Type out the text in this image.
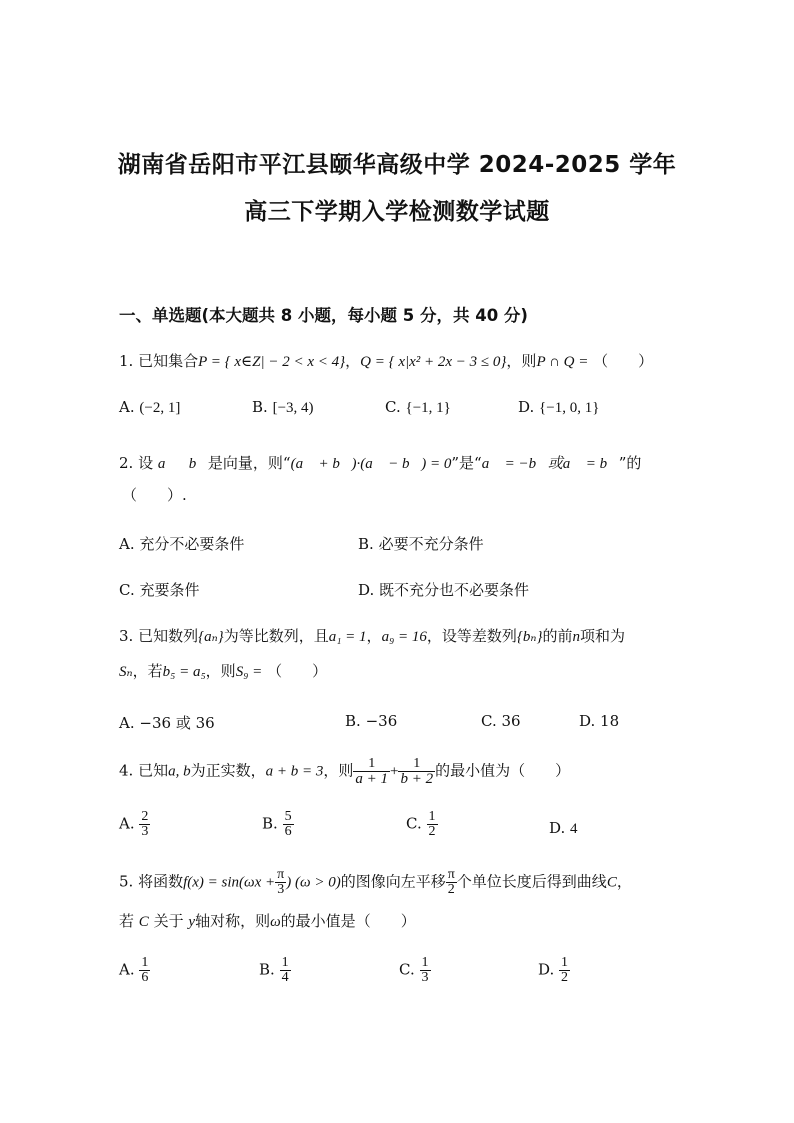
湖南省岳阳市平江县颐华高级中学 2024-2025 学年
高三下学期入学检测数学试题
一、单选题(本大题共 8 小题，每小题 5 分，共 40 分)
1. 已知集合P = { x∈Z| − 2 < x < 4}，Q = { x|x² + 2x − 3 ≤ 0}，则P ∩ Q = （　　）
A. (−2, 1]	B. [−3, 4)	C. {−1, 1}	D. {−1, 0, 1}
2. 设 a⃗，b⃗是向量，则“(a⃗ + b⃗)·(a⃗ − b⃗) = 0”是“a⃗ = −b⃗或a⃗ = b⃗”的
（　　）.
A. 充分不必要条件	B. 必要不充分条件
C. 充要条件	D. 既不充分也不必要条件
3. 已知数列{aₙ}为等比数列，且a₁ = 1，a₉ = 16，设等差数列{bₙ}的前n项和为
Sₙ，若b₅ = a₅，则S₉ = （　　）
A. −36 或 36	B. −36	C. 36	D. 18
4. 已知a, b为正实数，a + b = 3，则 $\frac{1}{a + 1} + \frac{1}{b + 2}$ 的最小值为（　　）
A. $\frac{2}{3}$	B. $\frac{5}{6}$	C. $\frac{1}{2}$	D. 4
5. 将函数$f(x) = \sin(\omega x + \frac{\pi}{3}$ ) (ω > 0)的图像向左平移 $\frac{\pi}{2}$ 个单位长度后得到曲线C，
若 C 关于 y轴对称，则ω的最小值是（　　）
A. $\frac{1}{6}$	B. $\frac{1}{4}$	C. $\frac{1}{3}$	D. $\frac{1}{2}$
